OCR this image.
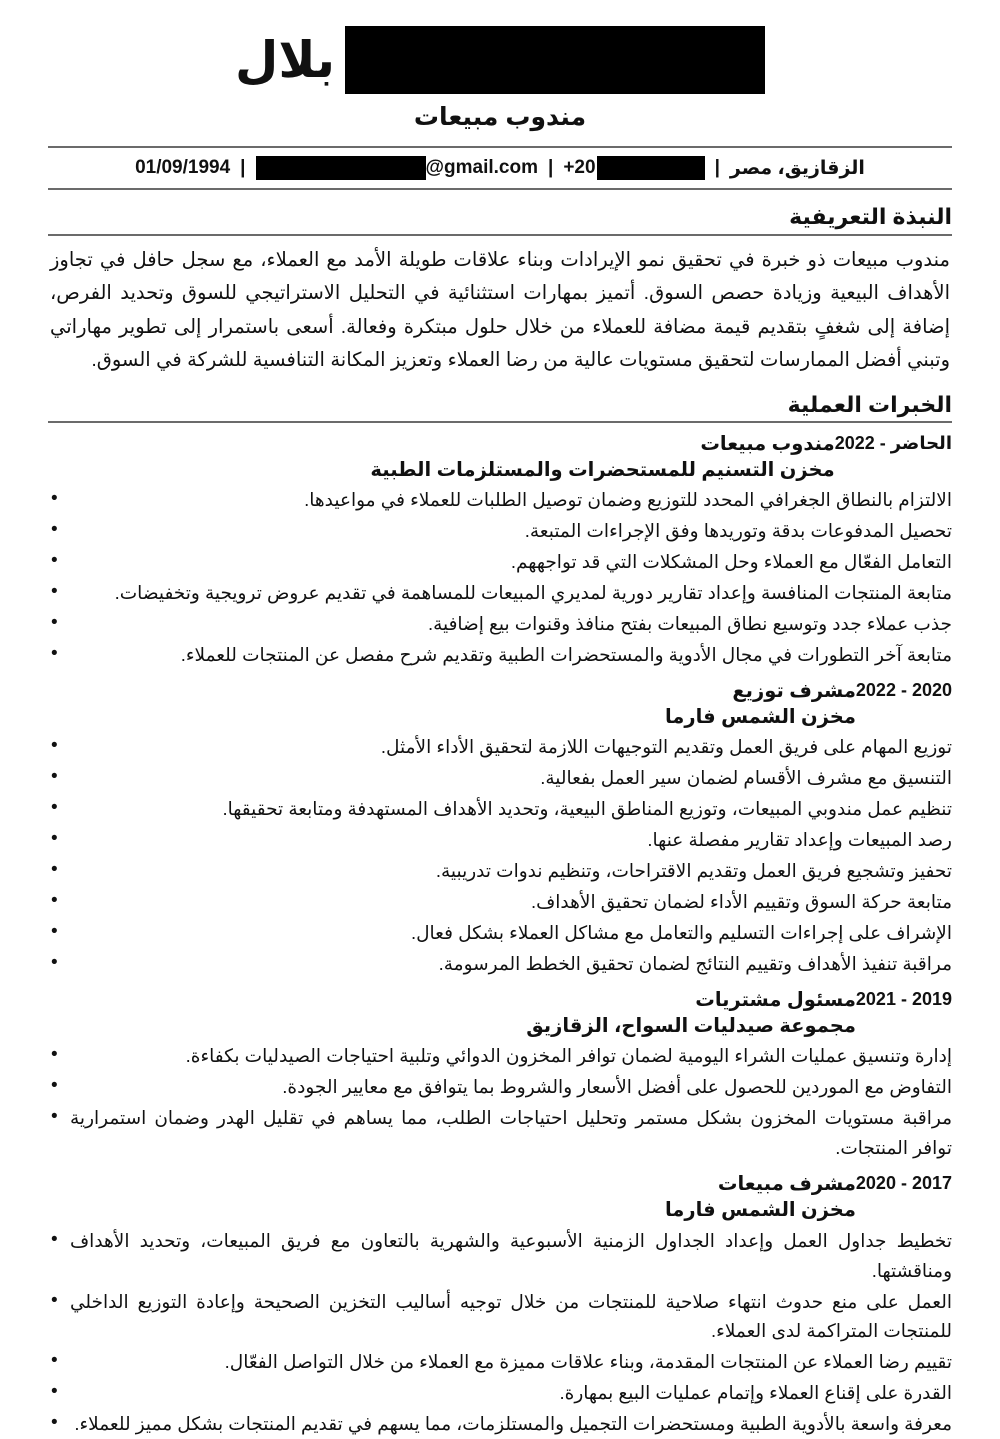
بلال
مندوب مبيعات
الزقازيق، مصر
|
+20
|
@gmail.com
|
01/09/1994
النبذة التعريفية

مندوب مبيعات ذو خبرة في تحقيق نمو الإيرادات وبناء علاقات طويلة الأمد مع العملاء، مع سجل حافل في تجاوز الأهداف البيعية وزيادة حصص السوق. أتميز بمهارات استثنائية في التحليل الاستراتيجي للسوق وتحديد الفرص، إضافة إلى شغفٍ بتقديم قيمة مضافة للعملاء من خلال حلول مبتكرة وفعالة. أسعى باستمرار إلى تطوير مهاراتي وتبني أفضل الممارسات لتحقيق مستويات عالية من رضا العملاء وتعزيز المكانة التنافسية للشركة في السوق.

الخبرات العملية
مندوب مبيعات
مخزن التسنيم للمستحضرات والمستلزمات الطبية
2022 - الحاضر
• الالتزام بالنطاق الجغرافي المحدد للتوزيع وضمان توصيل الطلبات للعملاء في مواعيدها.
• تحصيل المدفوعات بدقة وتوريدها وفق الإجراءات المتبعة.
• التعامل الفعّال مع العملاء وحل المشكلات التي قد تواجههم.
• متابعة المنتجات المنافسة وإعداد تقارير دورية لمديري المبيعات للمساهمة في تقديم عروض ترويجية وتخفيضات.
• جذب عملاء جدد وتوسيع نطاق المبيعات بفتح منافذ وقنوات بيع إضافية.
• متابعة آخر التطورات في مجال الأدوية والمستحضرات الطبية وتقديم شرح مفصل عن المنتجات للعملاء.
مشرف توزيع
مخزن الشمس فارما
2022 - 2020
• توزيع المهام على فريق العمل وتقديم التوجيهات اللازمة لتحقيق الأداء الأمثل.
• التنسيق مع مشرف الأقسام لضمان سير العمل بفعالية.
• تنظيم عمل مندوبي المبيعات، وتوزيع المناطق البيعية، وتحديد الأهداف المستهدفة ومتابعة تحقيقها.
• رصد المبيعات وإعداد تقارير مفصلة عنها.
• تحفيز وتشجيع فريق العمل وتقديم الاقتراحات، وتنظيم ندوات تدريبية.
• متابعة حركة السوق وتقييم الأداء لضمان تحقيق الأهداف.
• الإشراف على إجراءات التسليم والتعامل مع مشاكل العملاء بشكل فعال.
• مراقبة تنفيذ الأهداف وتقييم النتائج لضمان تحقيق الخطط المرسومة.
مسئول مشتريات
مجموعة صيدليات السواح، الزقازيق
2021 - 2019
• إدارة وتنسيق عمليات الشراء اليومية لضمان توافر المخزون الدوائي وتلبية احتياجات الصيدليات بكفاءة.
• التفاوض مع الموردين للحصول على أفضل الأسعار والشروط بما يتوافق مع معايير الجودة.
• مراقبة مستويات المخزون بشكل مستمر وتحليل احتياجات الطلب، مما يساهم في تقليل الهدر وضمان استمرارية توافر المنتجات.
مشرف مبيعات
مخزن الشمس فارما
2020 - 2017
• تخطيط جداول العمل وإعداد الجداول الزمنية الأسبوعية والشهرية بالتعاون مع فريق المبيعات، وتحديد الأهداف ومناقشتها.
• العمل على منع حدوث انتهاء صلاحية للمنتجات من خلال توجيه أساليب التخزين الصحيحة وإعادة التوزيع الداخلي للمنتجات المتراكمة لدى العملاء.
• تقييم رضا العملاء عن المنتجات المقدمة، وبناء علاقات مميزة مع العملاء من خلال التواصل الفعّال.
• القدرة على إقناع العملاء وإتمام عمليات البيع بمهارة.
• معرفة واسعة بالأدوية الطبية ومستحضرات التجميل والمستلزمات، مما يسهم في تقديم المنتجات بشكل مميز للعملاء.
